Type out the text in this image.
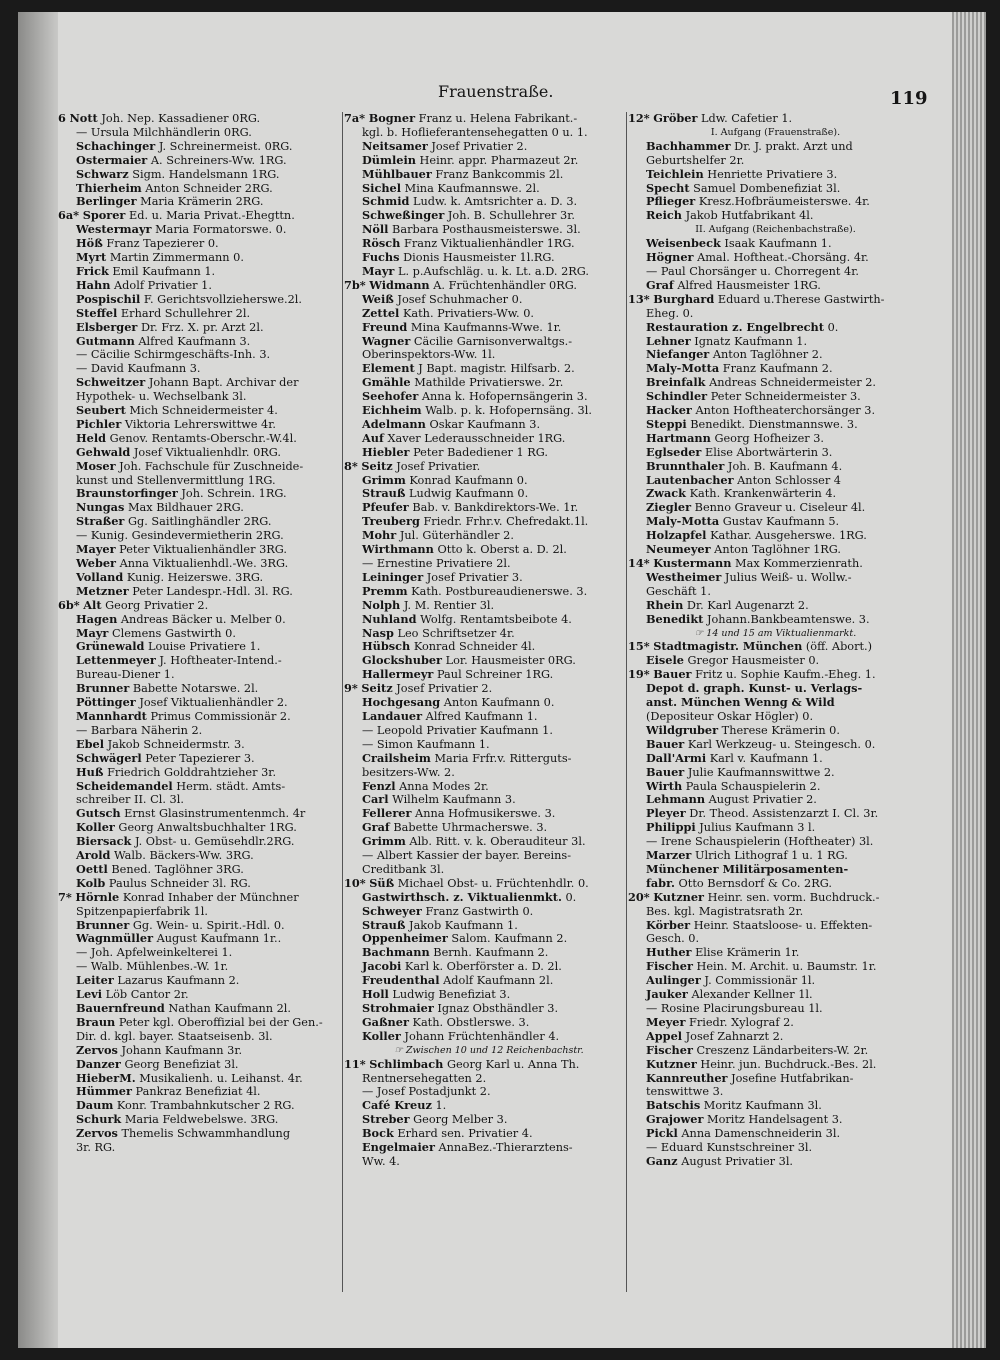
Frauenstraße.	119
6 Nott Joh. Nep. Kassadiener 0RG.
— Ursula Milchhändlerin 0RG.
Schachinger J. Schreinermeist. 0RG.
Ostermaier A. Schreiners-Ww. 1RG.
Schwarz Sigm. Handelsmann 1RG.
Thierheim Anton Schneider 2RG.
Berlinger Maria Krämerin 2RG.
6a* Sporer Ed. u. Maria Privat.-Ehegttn.
Westermayr Maria Formatorswe. 0.
Höß Franz Tapezierer 0.
Myrt Martin Zimmermann 0.
Frick Emil Kaufmann 1.
Hahn Adolf Privatier 1.
Pospischil F. Gerichtsvollzieherswe.2l.
Steffel Erhard Schullehrer 2l.
Elsberger Dr. Frz. X. pr. Arzt 2l.
Gutmann Alfred Kaufmann 3.
— Cäcilie Schirmgeschäfts-Inh. 3.
— David Kaufmann 3.
Schweitzer Johann Bapt. Archivar der
Hypothek- u. Wechselbank 3l.
Seubert Mich Schneidermeister 4.
Pichler Viktoria Lehrerswittwe 4r.
Held Genov. Rentamts-Oberschr.-W.4l.
Gehwald Josef Viktualienhdlr. 0RG.
Moser Joh. Fachschule für Zuschneide-
kunst und Stellenvermittlung 1RG.
Braunstorfinger Joh. Schrein. 1RG.
Nungas Max Bildhauer 2RG.
Straßer Gg. Saitlinghändler 2RG.
— Kunig. Gesindevermietherin 2RG.
Mayer Peter Viktualienhändler 3RG.
Weber Anna Viktualienhdl.-We. 3RG.
Volland Kunig. Heizerswe. 3RG.
Metzner Peter Landespr.-Hdl. 3l. RG.
6b* Alt Georg Privatier 2.
Hagen Andreas Bäcker u. Melber 0.
Mayr Clemens Gastwirth 0.
Grünewald Louise Privatiere 1.
Lettenmeyer J. Hoftheater-Intend.-
Bureau-Diener 1.
Brunner Babette Notarswe. 2l.
Pöttinger Josef Viktualienhändler 2.
Mannhardt Primus Commissionär 2.
— Barbara Näherin 2.
Ebel Jakob Schneidermstr. 3.
Schwägerl Peter Tapezierer 3.
Huß Friedrich Golddrahtzieher 3r.
Scheidemandel Herm. städt. Amts-
schreiber II. Cl. 3l.
Gutsch Ernst Glasinstrumentenmch. 4r
Koller Georg Anwaltsbuchhalter 1RG.
Biersack J. Obst- u. Gemüsehdlr.2RG.
Arold Walb. Bäckers-Ww. 3RG.
Oettl Bened. Taglöhner 3RG.
Kolb Paulus Schneider 3l. RG.
7* Hörnle Konrad Inhaber der Münchner
Spitzenpapierfabrik 1l.
Brunner Gg. Wein- u. Spirit.-Hdl. 0.
Wagnmüller August Kaufmann 1r..
— Joh. Apfelweinkelterei 1.
— Walb. Mühlenbes.-W. 1r.
Leiter Lazarus Kaufmann 2.
Levi Löb Cantor 2r.
Bauernfreund Nathan Kaufmann 2l.
Braun Peter kgl. Oberoffizial bei der Gen.-
Dir. d. kgl. bayer. Staatseisenb. 3l.
Zervos Johann Kaufmann 3r.
Danzer Georg Benefiziat 3l.
HieberM. Musikalienh. u. Leihanst. 4r.
Hümmer Pankraz Benefiziat 4l.
Daum Konr. Trambahnkutscher 2 RG.
Schurk Maria Feldwebelswe. 3RG.
Zervos Themelis Schwammhandlung
3r. RG.
7a* Bogner Franz u. Helena Fabrikant.-
kgl. b. Hoflieferantensehegatten 0 u. 1.
Neitsamer Josef Privatier 2.
Dümlein Heinr. appr. Pharmazeut 2r.
Mühlbauer Franz Bankcommis 2l.
Sichel Mina Kaufmannswe. 2l.
Schmid Ludw. k. Amtsrichter a. D. 3.
Schweßinger Joh. B. Schullehrer 3r.
Nöll Barbara Posthausmeisterswe. 3l.
Rösch Franz Viktualienhändler 1RG.
Fuchs Dionis Hausmeister 1l.RG.
Mayr L. p.Aufschläg. u. k. Lt. a.D. 2RG.
7b* Widmann A. Früchtenhändler 0RG.
Weiß Josef Schuhmacher 0.
Zettel Kath. Privatiers-Ww. 0.
Freund Mina Kaufmanns-Wwe. 1r.
Wagner Cäcilie Garnisonverwaltgs.-
Oberinspektors-Ww. 1l.
Element J Bapt. magistr. Hilfsarb. 2.
Gmähle Mathilde Privatierswe. 2r.
Seehofer Anna k. Hofopernsängerin 3.
Eichheim Walb. p. k. Hofopernsäng. 3l.
Adelmann Oskar Kaufmann 3.
Auf Xaver Lederausschneider 1RG.
Hiebler Peter Badediener 1 RG.
8* Seitz Josef Privatier.
Grimm Konrad Kaufmann 0.
Strauß Ludwig Kaufmann 0.
Pfeufer Bab. v. Bankdirektors-We. 1r.
Treuberg Friedr. Frhr.v. Chefredakt.1l.
Mohr Jul. Güterhändler 2.
Wirthmann Otto k. Oberst a. D. 2l.
— Ernestine Privatiere 2l.
Leininger Josef Privatier 3.
Premm Kath. Postbureaudienerswe. 3.
Nolph J. M. Rentier 3l.
Nuhland Wolfg. Rentamtsbeibote 4.
Nasp Leo Schriftsetzer 4r.
Hübsch Konrad Schneider 4l.
Glockshuber Lor. Hausmeister 0RG.
Hallermeyr Paul Schreiner 1RG.
9* Seitz Josef Privatier 2.
Hochgesang Anton Kaufmann 0.
Landauer Alfred Kaufmann 1.
— Leopold Privatier Kaufmann 1.
— Simon Kaufmann 1.
Crailsheim Maria Frfr.v. Ritterguts-
besitzers-Ww. 2.
Fenzl Anna Modes 2r.
Carl Wilhelm Kaufmann 3.
Fellerer Anna Hofmusikerswe. 3.
Graf Babette Uhrmacherswe. 3.
Grimm Alb. Ritt. v. k. Oberauditeur 3l.
— Albert Kassier der bayer. Bereins-
Creditbank 3l.
10* Süß Michael Obst- u. Früchtenhdlr. 0.
Gastwirthsch. z. Viktualienmkt. 0.
Schweyer Franz Gastwirth 0.
Strauß Jakob Kaufmann 1.
Oppenheimer Salom. Kaufmann 2.
Bachmann Bernh. Kaufmann 2.
Jacobi Karl k. Oberförster a. D. 2l.
Freudenthal Adolf Kaufmann 2l.
Holl Ludwig Benefiziat 3.
Strohmaier Ignaz Obsthändler 3.
Gaßner Kath. Obstlerswe. 3.
Koller Johann Früchtenhändler 4.
☞ Zwischen 10 und 12 Reichenbachstr.
11* Schlimbach Georg Karl u. Anna Th.
Rentnersehegatten 2.
— Josef Postadjunkt 2.
Café Kreuz 1.
Streber Georg Melber 3.
Bock Erhard sen. Privatier 4.
Engelmaier AnnaBez.-Thierarztens-
Ww. 4.
12* Gröber Ldw. Cafetier 1.
I. Aufgang (Frauenstraße).
Bachhammer Dr. J. prakt. Arzt und
Geburtshelfer 2r.
Teichlein Henriette Privatiere 3.
Specht Samuel Dombenefiziat 3l.
Pflieger Kresz.Hofbräumeisterswe. 4r.
Reich Jakob Hutfabrikant 4l.
II. Aufgang (Reichenbachstraße).
Weisenbeck Isaak Kaufmann 1.
Högner Amal. Hoftheat.-Chorsäng. 4r.
— Paul Chorsänger u. Chorregent 4r.
Graf Alfred Hausmeister 1RG.
13* Burghard Eduard u.Therese Gastwirth-
Eheg. 0.
Restauration z. Engelbrecht 0.
Lehner Ignatz Kaufmann 1.
Niefanger Anton Taglöhner 2.
Maly-Motta Franz Kaufmann 2.
Breinfalk Andreas Schneidermeister 2.
Schindler Peter Schneidermeister 3.
Hacker Anton Hoftheaterchorsänger 3.
Steppi Benedikt. Dienstmannswe. 3.
Hartmann Georg Hofheizer 3.
Eglseder Elise Abortwärterin 3.
Brunnthaler Joh. B. Kaufmann 4.
Lautenbacher Anton Schlosser 4
Zwack Kath. Krankenwärterin 4.
Ziegler Benno Graveur u. Ciseleur 4l.
Maly-Motta Gustav Kaufmann 5.
Holzapfel Kathar. Ausgeherswe. 1RG.
Neumeyer Anton Taglöhner 1RG.
14* Kustermann Max Kommerzienrath.
Westheimer Julius Weiß- u. Wollw.-
Geschäft 1.
Rhein Dr. Karl Augenarzt 2.
Benedikt Johann.Bankbeamtenswe. 3.
☞ 14 und 15 am Viktualienmarkt.
15* Stadtmagistr. München (öff. Abort.)
Eisele Gregor Hausmeister 0.
19* Bauer Fritz u. Sophie Kaufm.-Eheg. 1.
Depot d. graph. Kunst- u. Verlags-
anst. München Wenng & Wild
(Depositeur Oskar Högler) 0.
Wildgruber Therese Krämerin 0.
Bauer Karl Werkzeug- u. Steingesch. 0.
Dall'Armi Karl v. Kaufmann 1.
Bauer Julie Kaufmannswittwe 2.
Wirth Paula Schauspielerin 2.
Lehmann August Privatier 2.
Pleyer Dr. Theod. Assistenzarzt I. Cl. 3r.
Philippi Julius Kaufmann 3 l.
— Irene Schauspielerin (Hoftheater) 3l.
Marzer Ulrich Lithograf 1 u. 1 RG.
Münchener Militärposamenten-
fabr. Otto Bernsdorf & Co. 2RG.
20* Kutzner Heinr. sen. vorm. Buchdruck.-
Bes. kgl. Magistratsrath 2r.
Körber Heinr. Staatsloose- u. Effekten-
Gesch. 0.
Huther Elise Krämerin 1r.
Fischer Hein. M. Archit. u. Baumstr. 1r.
Aulinger J. Commissionär 1l.
Jauker Alexander Kellner 1l.
— Rosine Placirungsbureau 1l.
Meyer Friedr. Xylograf 2.
Appel Josef Zahnarzt 2.
Fischer Creszenz Ländarbeiters-W. 2r.
Kutzner Heinr. jun. Buchdruck.-Bes. 2l.
Kannreuther Josefine Hutfabrikan-
tenswittwe 3.
Batschis Moritz Kaufmann 3l.
Grajower Moritz Handelsagent 3.
Pickl Anna Damenschneiderin 3l.
— Eduard Kunstschreiner 3l.
Ganz August Privatier 3l.
